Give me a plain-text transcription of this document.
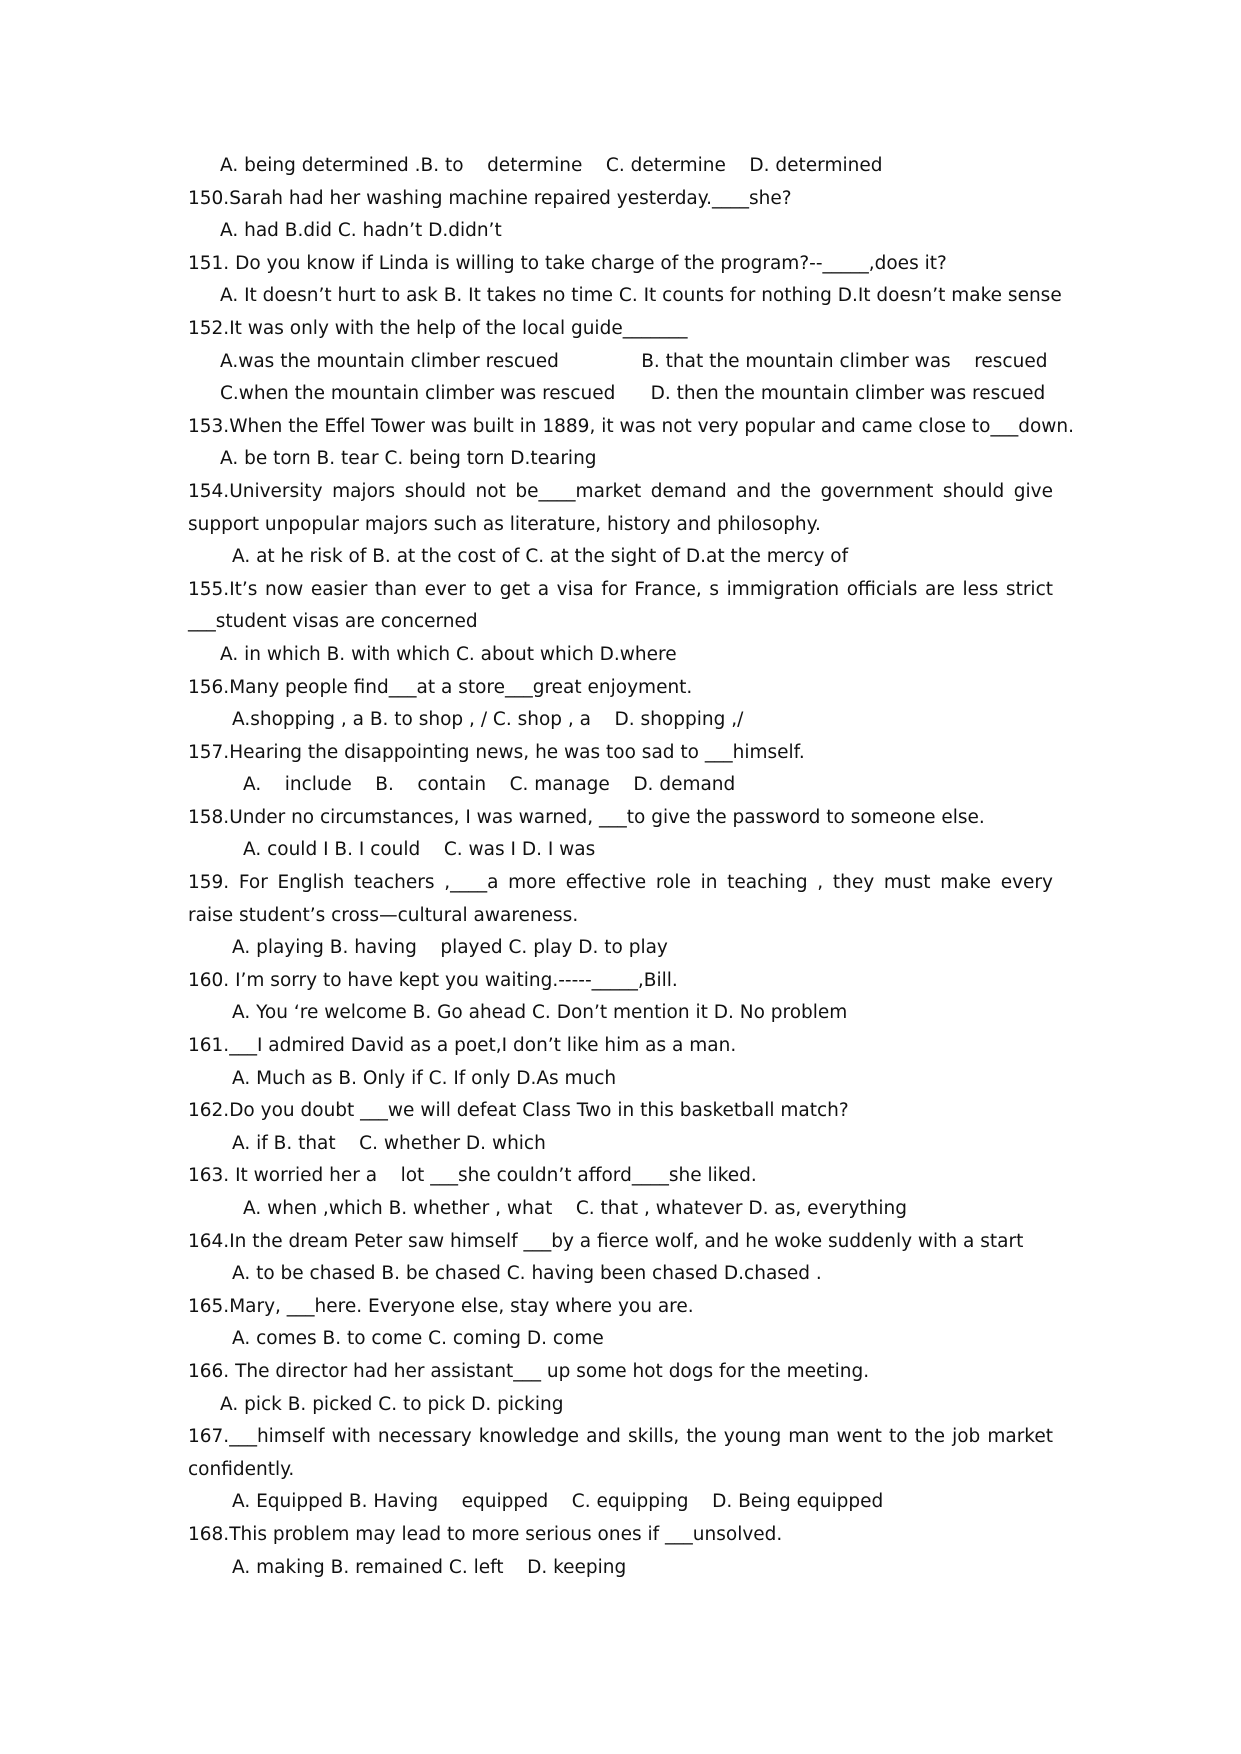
A. being determined .B. to    determine    C. determine    D. determined
150.Sarah had her washing machine repaired yesterday.____she?
A. had B.did C. hadn’t D.didn’t
151. Do you know if Linda is willing to take charge of the program?--_____,does it?
A. It doesn’t hurt to ask B. It takes no time C. It counts for nothing D.It doesn’t make sense
152.It was only with the help of the local guide_______
A.was the mountain climber rescued              B. that the mountain climber was    rescued
C.when the mountain climber was rescued      D. then the mountain climber was rescued
153.When the Effel Tower was built in 1889, it was not very popular and came close to___down.
A. be torn B. tear C. being torn D.tearing
154.University majors should not be____market demand and the government should give
support unpopular majors such as literature, history and philosophy.
A. at he risk of B. at the cost of C. at the sight of D.at the mercy of
155.It’s now easier than ever to get a visa for France, s immigration officials are less strict
___student visas are concerned
A. in which B. with which C. about which D.where
156.Many people find___at a store___great enjoyment.
A.shopping , a B. to shop , / C. shop , a    D. shopping ,/
157.Hearing the disappointing news, he was too sad to ___himself.
A.    include    B.    contain    C. manage    D. demand
158.Under no circumstances, I was warned, ___to give the password to someone else.
A. could I B. I could    C. was I D. I was
159. For English teachers ,____a more effective role in teaching , they must make every
raise student’s cross—cultural awareness.
A. playing B. having    played C. play D. to play
160. I’m sorry to have kept you waiting.-----_____,Bill.
A. You ‘re welcome B. Go ahead C. Don’t mention it D. No problem
161.___I admired David as a poet,I don’t like him as a man.
A. Much as B. Only if C. If only D.As much
162.Do you doubt ___we will defeat Class Two in this basketball match?
A. if B. that    C. whether D. which
163. It worried her a    lot ___she couldn’t afford____she liked.
A. when ,which B. whether , what    C. that , whatever D. as, everything
164.In the dream Peter saw himself ___by a fierce wolf, and he woke suddenly with a start
A. to be chased B. be chased C. having been chased D.chased .
165.Mary, ___here. Everyone else, stay where you are.
A. comes B. to come C. coming D. come
166. The director had her assistant___ up some hot dogs for the meeting.
A. pick B. picked C. to pick D. picking
167.___himself with necessary knowledge and skills, the young man went to the job market
confidently.
A. Equipped B. Having    equipped    C. equipping    D. Being equipped
168.This problem may lead to more serious ones if ___unsolved.
A. making B. remained C. left    D. keeping
